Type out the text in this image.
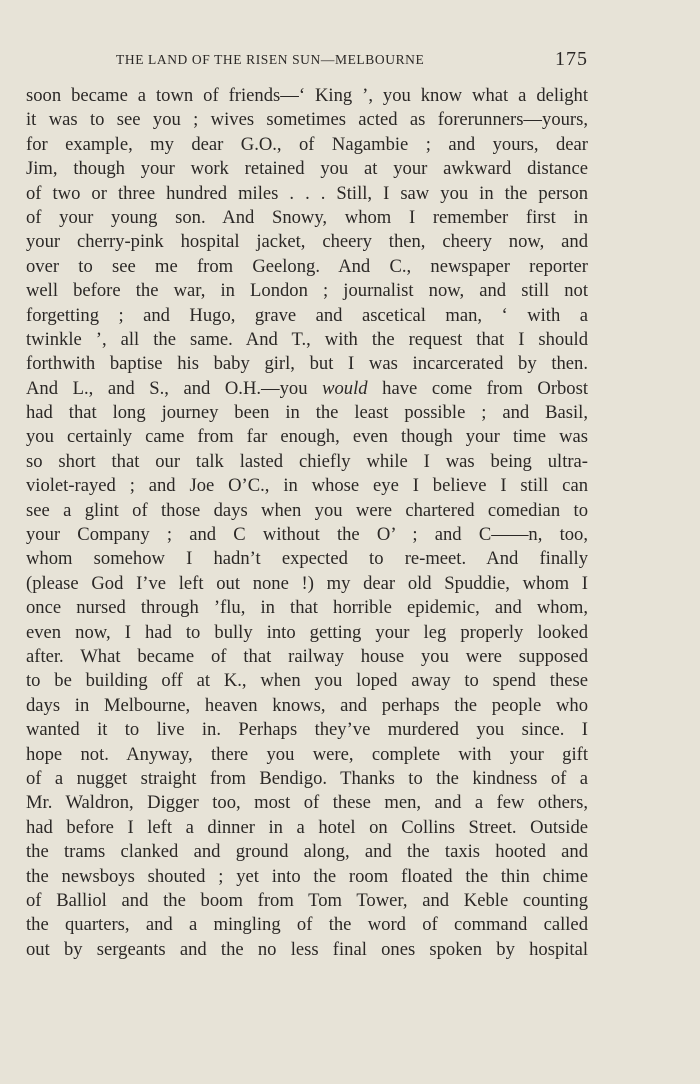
THE LAND OF THE RISEN SUN—MELBOURNE	175
soon became a town of friends—‘ King ’, you know what a delight
it was to see you ; wives sometimes acted as forerunners—yours,
for example, my dear G.O., of Nagambie ; and yours, dear
Jim, though your work retained you at your awkward distance
of two or three hundred miles . . . Still, I saw you in the person
of your young son. And Snowy, whom I remember first in
your cherry-pink hospital jacket, cheery then, cheery now, and
over to see me from Geelong. And C., newspaper reporter
well before the war, in London ; journalist now, and still not
forgetting ; and Hugo, grave and ascetical man, ‘ with a
twinkle ’, all the same. And T., with the request that I should
forthwith baptise his baby girl, but I was incarcerated by then.
And L., and S., and O.H.—you would have come from Orbost
had that long journey been in the least possible ; and Basil,
you certainly came from far enough, even though your time was
so short that our talk lasted chiefly while I was being ultra-
violet-rayed ; and Joe O’C., in whose eye I believe I still can
see a glint of those days when you were chartered comedian to
your Company ; and C without the O’ ; and C——n, too,
whom somehow I hadn’t expected to re-meet. And finally
(please God I’ve left out none !) my dear old Spuddie, whom I
once nursed through ’flu, in that horrible epidemic, and whom,
even now, I had to bully into getting your leg properly looked
after. What became of that railway house you were supposed
to be building off at K., when you loped away to spend these
days in Melbourne, heaven knows, and perhaps the people who
wanted it to live in. Perhaps they’ve murdered you since. I
hope not. Anyway, there you were, complete with your gift
of a nugget straight from Bendigo. Thanks to the kindness of a
Mr. Waldron, Digger too, most of these men, and a few others,
had before I left a dinner in a hotel on Collins Street. Outside
the trams clanked and ground along, and the taxis hooted and
the newsboys shouted ; yet into the room floated the thin chime
of Balliol and the boom from Tom Tower, and Keble counting
the quarters, and a mingling of the word of command called
out by sergeants and the no less final ones spoken by hospital
